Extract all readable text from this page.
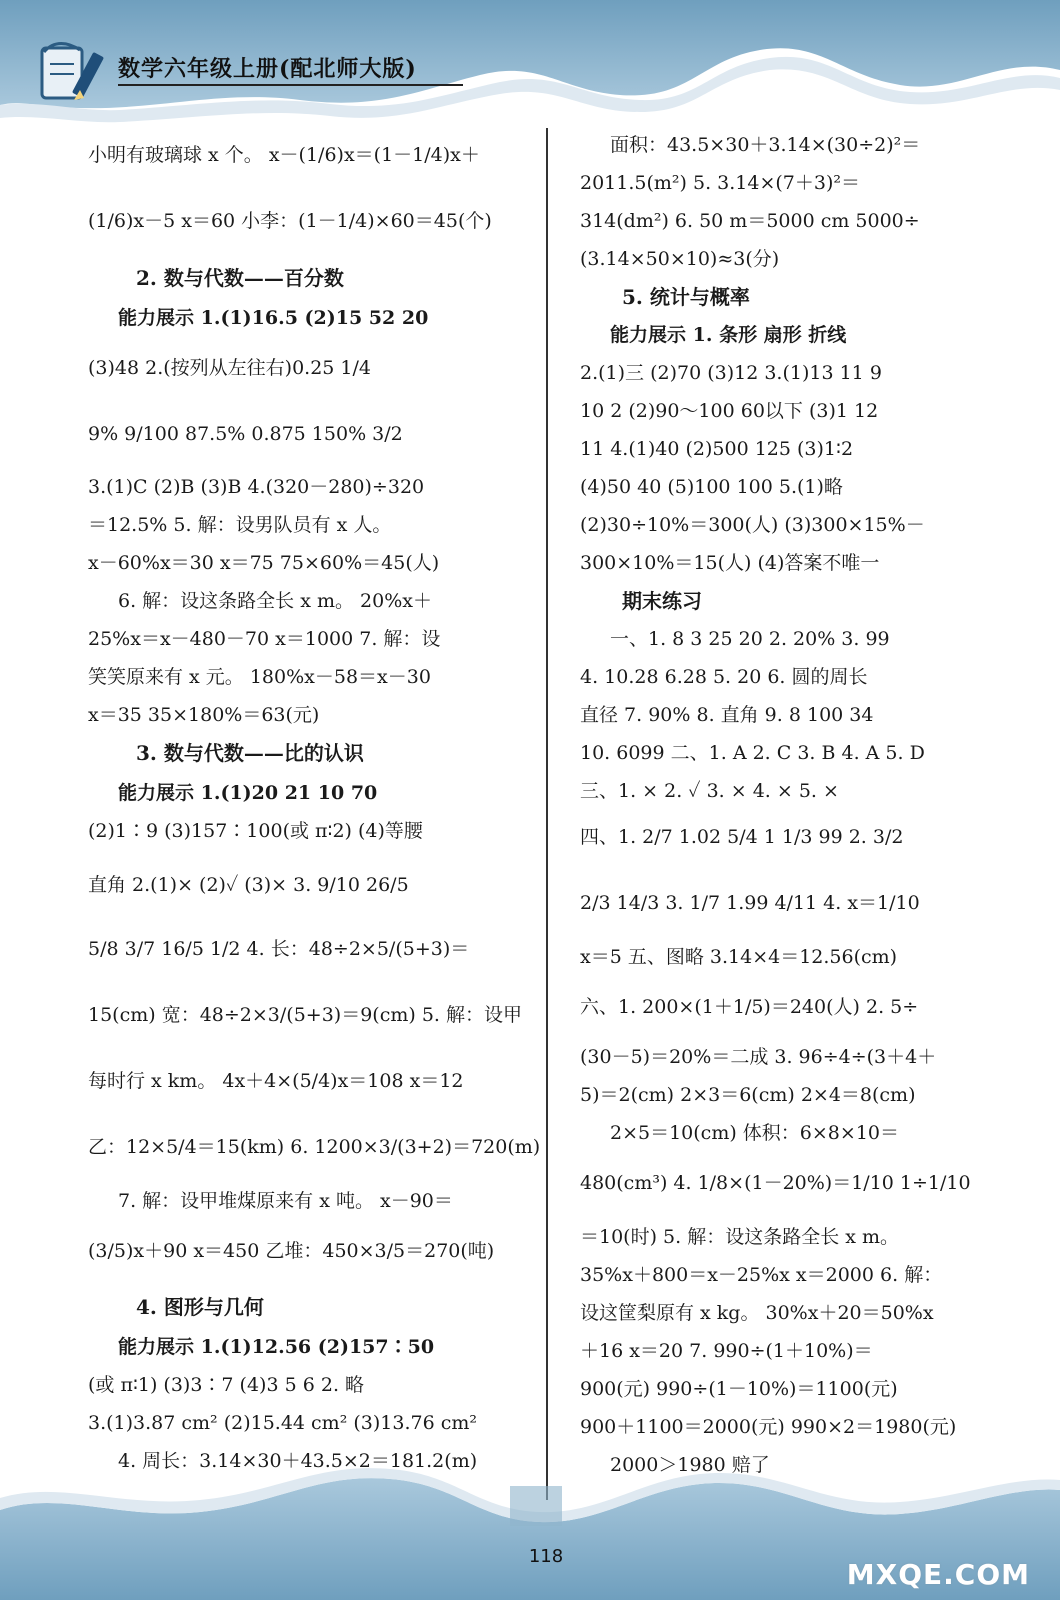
数学六年级上册(配北师大版)
小明有玻璃球 x 个。 x－(1/6)x＝(1－1/4)x＋
(1/6)x－5 x＝60 小李：(1－1/4)×60＝45(个)
2. 数与代数——百分数
能力展示 1.(1)16.5 (2)15 52 20
(3)48 2.(按列从左往右)0.25 1/4
9% 9/100 87.5% 0.875 150% 3/2
3.(1)C (2)B (3)B 4.(320－280)÷320
＝12.5% 5. 解：设男队员有 x 人。
x－60%x＝30 x＝75 75×60%＝45(人)
6. 解：设这条路全长 x m。 20%x＋
25%x＝x－480－70 x＝1000 7. 解：设
笑笑原来有 x 元。 180%x－58＝x－30
x＝35 35×180%＝63(元)
3. 数与代数——比的认识
能力展示 1.(1)20 21 10 70
(2)1∶9 (3)157∶100(或 π∶2) (4)等腰
直角 2.(1)× (2)✓ (3)× 3. 9/10 26/5
5/8 3/7 16/5 1/2 4. 长：48÷2×5/(5+3)＝
15(cm) 宽：48÷2×3/(5+3)＝9(cm) 5. 解：设甲
每时行 x km。 4x＋4×(5/4)x＝108 x＝12
乙：12×5/4＝15(km) 6. 1200×3/(3+2)＝720(m)
7. 解：设甲堆煤原来有 x 吨。 x－90＝
(3/5)x＋90 x＝450 乙堆：450×3/5＝270(吨)
4. 图形与几何
能力展示 1.(1)12.56 (2)157∶50
(或 π∶1) (3)3∶7 (4)3 5 6 2. 略
3.(1)3.87 cm² (2)15.44 cm² (3)13.76 cm²
4. 周长：3.14×30＋43.5×2＝181.2(m)
面积：43.5×30＋3.14×(30÷2)²＝
2011.5(m²) 5. 3.14×(7＋3)²＝
314(dm²) 6. 50 m＝5000 cm 5000÷
(3.14×50×10)≈3(分)
5. 统计与概率
能力展示 1. 条形 扇形 折线
2.(1)三 (2)70 (3)12 3.(1)13 11 9
10 2 (2)90～100 60以下 (3)1 12
11 4.(1)40 (2)500 125 (3)1∶2
(4)50 40 (5)100 100 5.(1)略
(2)30÷10%＝300(人) (3)300×15%－
300×10%＝15(人) (4)答案不唯一
期末练习
一、1. 8 3 25 20 2. 20% 3. 99
4. 10.28 6.28 5. 20 6. 圆的周长
直径 7. 90% 8. 直角 9. 8 100 34
10. 6099 二、1. A 2. C 3. B 4. A 5. D
三、1. × 2. ✓ 3. × 4. × 5. ×
四、1. 2/7 1.02 5/4 1 1/3 99 2. 3/2
2/3 14/3 3. 1/7 1.99 4/11 4. x＝1/10
x＝5 五、图略 3.14×4＝12.56(cm)
六、1. 200×(1＋1/5)＝240(人) 2. 5÷
(30－5)＝20%＝二成 3. 96÷4÷(3＋4＋
5)＝2(cm) 2×3＝6(cm) 2×4＝8(cm)
2×5＝10(cm) 体积：6×8×10＝
480(cm³) 4. 1/8×(1－20%)＝1/10 1÷1/10
＝10(时) 5. 解：设这条路全长 x m。
35%x＋800＝x－25%x x＝2000 6. 解：
设这筐梨原有 x kg。 30%x＋20＝50%x
＋16 x＝20 7. 990÷(1＋10%)＝
900(元) 990÷(1－10%)＝1100(元)
900＋1100＝2000(元) 990×2＝1980(元)
2000＞1980 赔了
118
MXQE.COM
